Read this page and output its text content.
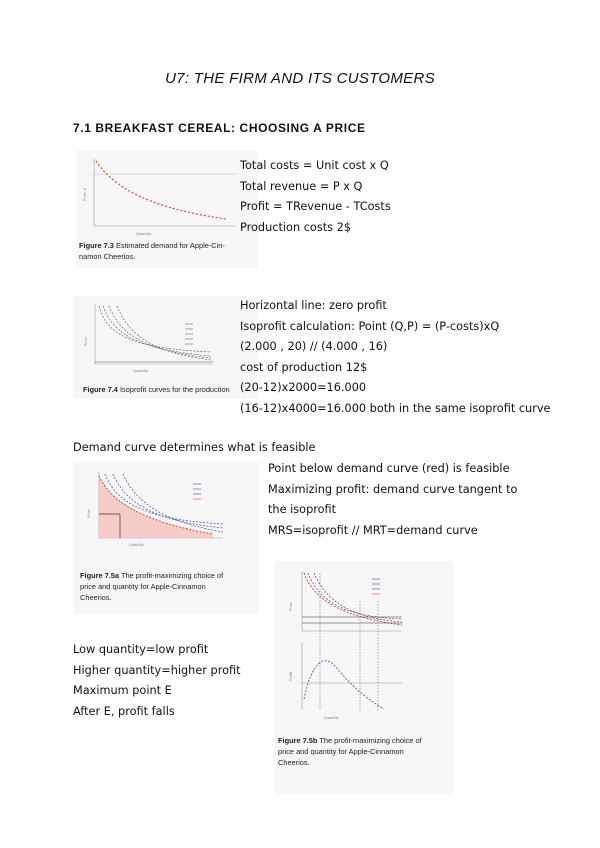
U7: THE FIRM AND ITS CUSTOMERS
7.1 BREAKFAST CEREAL: CHOOSING A PRICE
Price, $
Quantity
Figure 7.3 Estimated demand for Apple-Cin-
namon Cheerios.
Total costs = Unit cost x Q
Total revenue = P x Q
Profit = TRevenue - TCosts
Production costs 2$
Price
Quantity
Figure 7.4 Isoprofit curves for the production
Horizontal line: zero profit
Isoprofit calculation: Point (Q,P) = (P-costs)xQ
(2.000 , 20) // (4.000 , 16)
cost of production 12$
(20-12)x2000=16.000
(16-12)x4000=16.000 both in the same isoprofit curve
Demand curve determines what is feasible
Price
Quantity
Figure 7.5a The profit-maximizing choice of
price and quantity for Apple-Cinnamon
Cheerios.
Point below demand curve (red) is feasible
Maximizing profit: demand curve tangent to
the isoprofit
MRS=isoprofit // MRT=demand curve
Low quantity=low profit
Higher quantity=higher profit
Maximum point E
After E, profit falls
Price
Profit
Quantity
Figure 7.5b The profit-maximizing choice of
price and quantity for Apple-Cinnamon
Cheerios.
